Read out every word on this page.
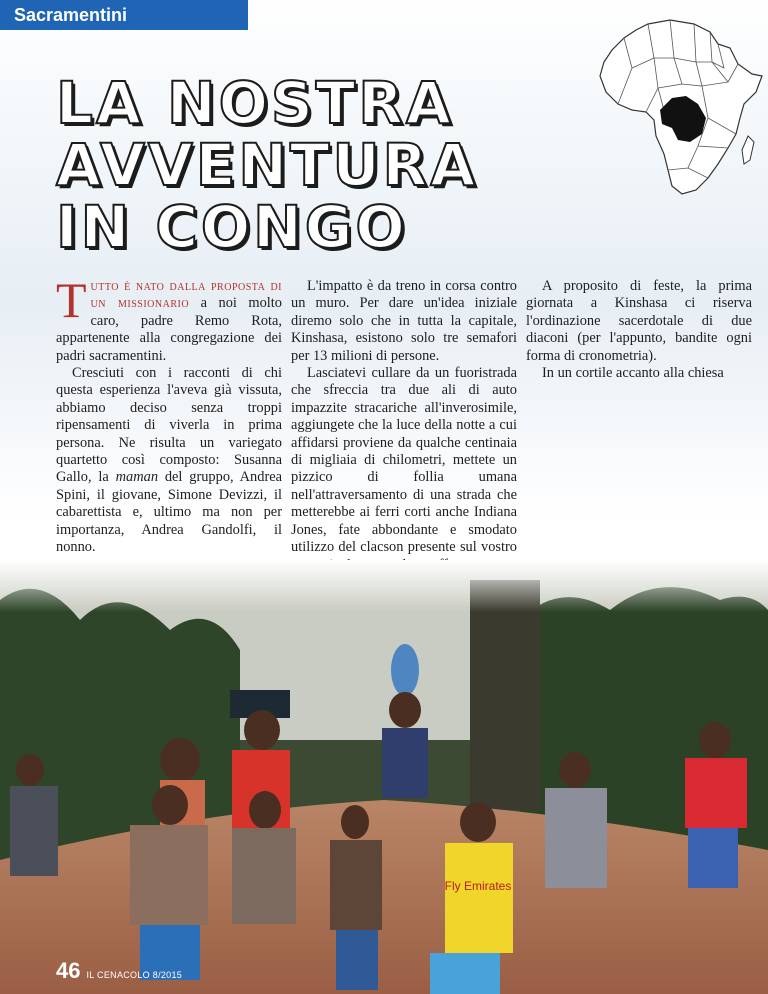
Sacramentini
LA NOSTRA
AVVENTURA
IN CONGO

Tutto è nato dalla proposta di un missionario a noi molto caro, padre Remo Rota, appartenente alla congregazione dei padri sacramentini.

Cresciuti con i racconti di chi questa esperienza l'aveva già vissuta, abbiamo deciso senza troppi ripensamenti di viverla in prima persona. Ne risulta un variegato quartetto così composto: Susanna Gallo, la maman del gruppo, Andrea Spini, il giovane, Simone Devizzi, il cabarettista e, ultimo ma non per importanza, Andrea Gandolfi, il nonno.

L'impatto è da treno in corsa contro un muro. Per dare un'idea iniziale diremo solo che in tutta la capitale, Kinshasa, esistono solo tre semafori per 13 milioni di persone.

Lasciatevi cullare da un fuoristrada che sfreccia tra due ali di auto impazzite stracariche all'inverosimile, aggiungete che la luce della notte a cui affidarsi proviene da qualche centinaia di migliaia di chilometri, mettete un pizzico di follia umana nell'attraversamento di una strada che metterebbe ai ferri corti anche Indiana Jones, fate abbondante e smodato utilizzo del clacson presente sul vostro

A proposito di feste, la prima giornata a Kinshasa ci riserva l'ordinazione sacerdotale di due diaconi (per l'appunto, bandite ogni forma di cronometria).

In un cortile accanto alla chiesa

46 IL CENACOLO 8/2015
